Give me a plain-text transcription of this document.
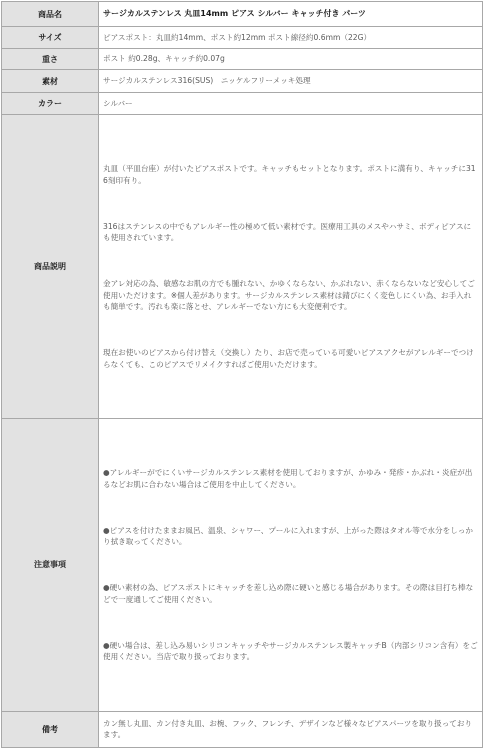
商品名	サージカルステンレス 丸皿14mm ピアス シルバー キャッチ付き パーツ
サイズ	ピアスポスト：丸皿約14mm、ポスト約12mm ポスト線径約0.6mm（22G）
重さ	ポスト 約0.28g、キャッチ約0.07g
素材	サージカルステンレス316(SUS)　ニッケルフリーメッキ処理
カラー	シルバー
商品説明	丸皿（平皿台座）が付いたピアスポストです。キャッチもセットとなります。ポストに満有り、キャッチに316刻印有り。

316はステンレスの中でもアレルギー性の極めて低い素材です。医療用工具のメスやハサミ、ボディピアスにも使用されています。

金アレ対応の為、敏感なお肌の方でも腫れない、かゆくならない、かぶれない、赤くならないなど安心してご使用いただけます。※個人差があります。サージカルステンレス素材は錆びにくく変色しにくい為、お手入れも簡単です。汚れも楽に落とせ、アレルギーでない方にも大変便利です。

現在お使いのピアスから付け替え（交換し）たり、お店で売っている可愛いピアスアクセがアレルギーでつけらなくても、このピアスでリメイクすればご使用いただけます。

注意事項	●アレルギーがでにくいサージカルステンレス素材を使用しておりますが、かゆみ・発疹・かぶれ・炎症が出るなどお肌に合わない場合はご使用を中止してください。

●ピアスを付けたままお風呂、温泉、シャワー、プールに入れますが、上がった際はタオル等で水分をしっかり拭き取ってください。

●硬い素材の為、ピアスポストにキャッチを差し込め際に硬いと感じる場合があります。その際は目打ち棒などで一度通してご使用ください。

●硬い場合は、差し込み易いシリコンキャッチやサージカルステンレス製キャッチB（内部シリコン含有）をご使用ください。当店で取り扱っております。

備考	カン無し丸皿、カン付き丸皿、お椀、フック、フレンチ、デザインなど様々なピアスパーツを取り扱っております。
